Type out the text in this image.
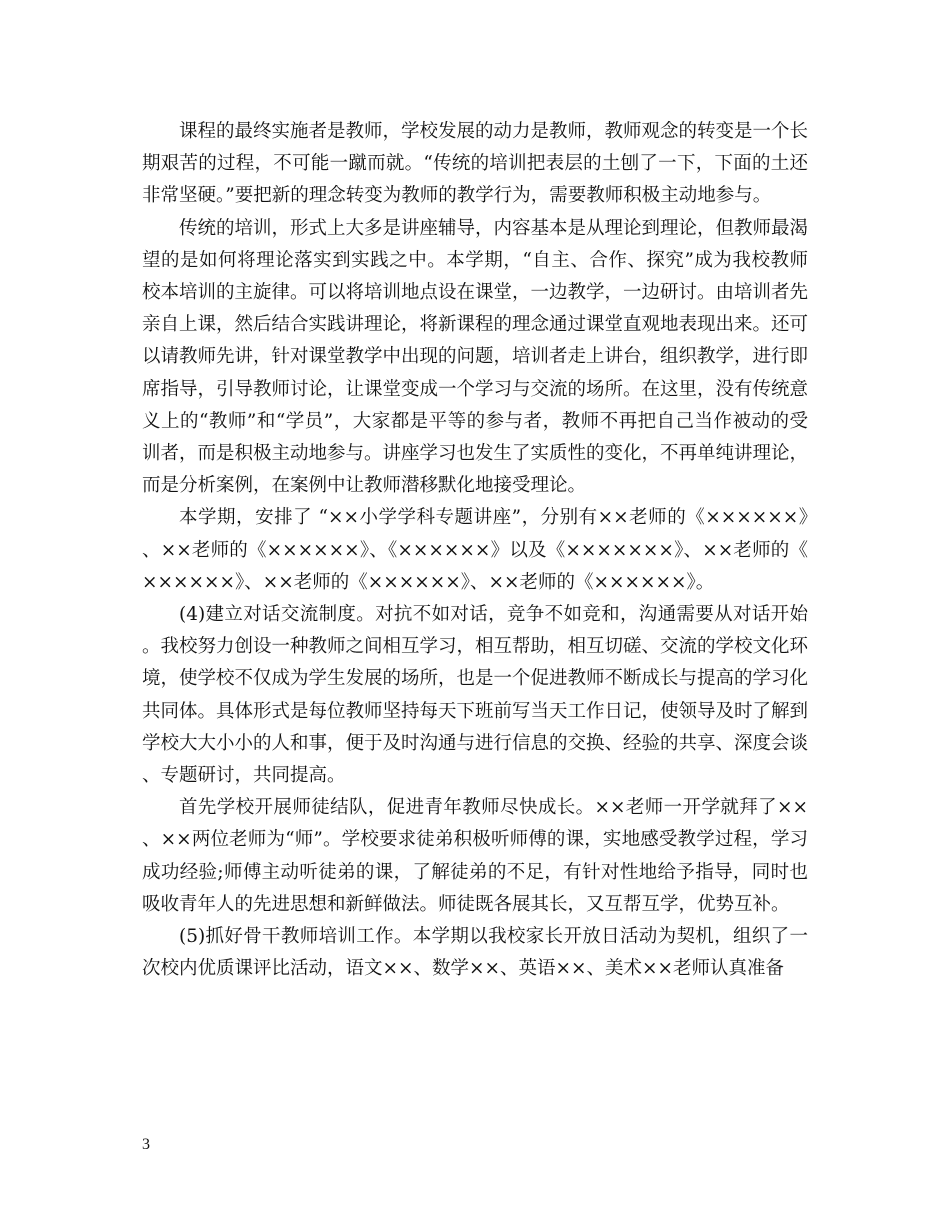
课程的最终实施者是教师，学校发展的动力是教师，教师观念的转变是一个长期艰苦的过程，不可能一蹴而就。“传统的培训把表层的土刨了一下，下面的土还非常坚硬。”要把新的理念转变为教师的教学行为，需要教师积极主动地参与。

传统的培训，形式上大多是讲座辅导，内容基本是从理论到理论，但教师最渴望的是如何将理论落实到实践之中。本学期，“自主、合作、探究”成为我校教师校本培训的主旋律。可以将培训地点设在课堂，一边教学，一边研讨。由培训者先亲自上课，然后结合实践讲理论，将新课程的理念通过课堂直观地表现出来。还可以请教师先讲，针对课堂教学中出现的问题，培训者走上讲台，组织教学，进行即席指导，引导教师讨论，让课堂变成一个学习与交流的场所。在这里，没有传统意义上的“教师”和“学员”，大家都是平等的参与者，教师不再把自己当作被动的受训者，而是积极主动地参与。讲座学习也发生了实质性的变化，不再单纯讲理论，而是分析案例，在案例中让教师潜移默化地接受理论。

本学期，安排了 “××小学学科专题讲座”，分别有××老师的《××××××》、××老师的《××××××》、《××××××》以及《×××××××》、××老师的《××××××》、××老师的《××××××》、××老师的《××××××》。

(4)建立对话交流制度。对抗不如对话，竞争不如竞和，沟通需要从对话开始。我校努力创设一种教师之间相互学习，相互帮助，相互切磋、交流的学校文化环境，使学校不仅成为学生发展的场所，也是一个促进教师不断成长与提高的学习化共同体。具体形式是每位教师坚持每天下班前写当天工作日记，使领导及时了解到学校大大小小的人和事，便于及时沟通与进行信息的交换、经验的共享、深度会谈、专题研讨，共同提高。

首先学校开展师徒结队，促进青年教师尽快成长。××老师一开学就拜了××、××两位老师为“师”。学校要求徒弟积极听师傅的课，实地感受教学过程，学习成功经验;师傅主动听徒弟的课，了解徒弟的不足，有针对性地给予指导，同时也吸收青年人的先进思想和新鲜做法。师徒既各展其长，又互帮互学，优势互补。

(5)抓好骨干教师培训工作。本学期以我校家长开放日活动为契机，组织了一次校内优质课评比活动，语文××、数学××、英语××、美术××老师认真准备

3
